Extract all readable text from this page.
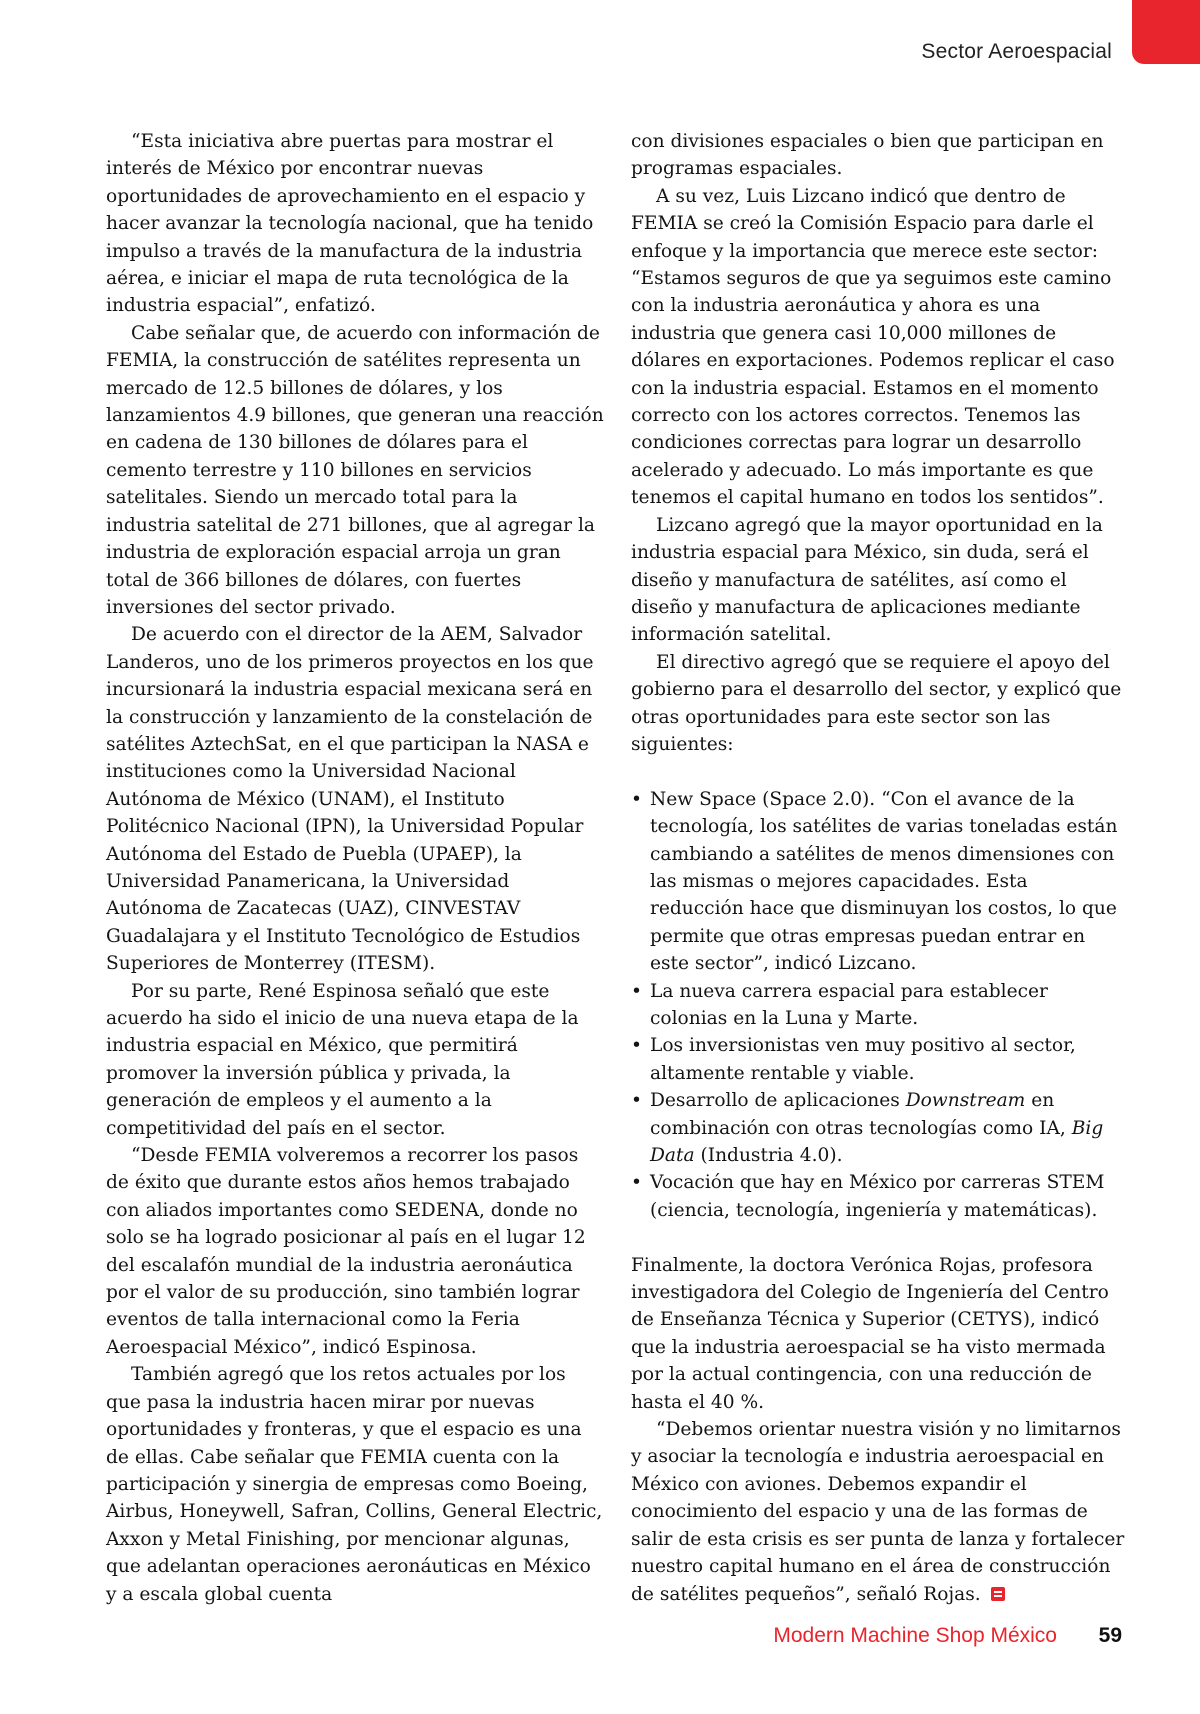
Sector Aeroespacial

“Esta iniciativa abre puertas para mostrar el interés de México por encontrar nuevas oportunidades de aprovechamiento en el espacio y hacer avanzar la tecnología nacional, que ha tenido impulso a través de la manufactura de la industria aérea, e iniciar el mapa de ruta tecnológica de la industria espacial”, enfatizó.

Cabe señalar que, de acuerdo con información de FEMIA, la construcción de satélites representa un mercado de 12.5 billones de dólares, y los lanzamientos 4.9 billones, que generan una reacción en cadena de 130 billones de dólares para el cemento terrestre y 110 billones en servicios satelitales. Siendo un mercado total para la industria satelital de 271 billones, que al agregar la industria de exploración espacial arroja un gran total de 366 billones de dólares, con fuertes inversiones del sector privado.

De acuerdo con el director de la AEM, Salvador Landeros, uno de los primeros proyectos en los que incursionará la industria espacial mexicana será en la construcción y lanzamiento de la constelación de satélites AztechSat, en el que participan la NASA e instituciones como la Universidad Nacional Autónoma de México (UNAM), el Instituto Politécnico Nacional (IPN), la Universidad Popular Autónoma del Estado de Puebla (UPAEP), la Universidad Panamericana, la Universidad Autónoma de Zacatecas (UAZ), CINVESTAV Guadalajara y el Instituto Tecnológico de Estudios Superiores de Monterrey (ITESM).

Por su parte, René Espinosa señaló que este acuerdo ha sido el inicio de una nueva etapa de la industria espacial en México, que permitirá promover la inversión pública y privada, la generación de empleos y el aumento a la competitividad del país en el sector.

“Desde FEMIA volveremos a recorrer los pasos de éxito que durante estos años hemos trabajado con aliados importantes como SEDENA, donde no solo se ha logrado posicionar al país en el lugar 12 del escalafón mundial de la industria aeronáutica por el valor de su producción, sino también lograr eventos de talla internacional como la Feria Aeroespacial México”, indicó Espinosa.

También agregó que los retos actuales por los que pasa la industria hacen mirar por nuevas oportunidades y fronteras, y que el espacio es una de ellas. Cabe señalar que FEMIA cuenta con la participación y sinergia de empresas como Boeing, Airbus, Honeywell, Safran, Collins, General Electric, Axxon y Metal Finishing, por mencionar algunas, que adelantan operaciones aeronáuticas en México y a escala global cuenta

con divisiones espaciales o bien que participan en programas espaciales.

A su vez, Luis Lizcano indicó que dentro de FEMIA se creó la Comisión Espacio para darle el enfoque y la importancia que merece este sector: “Estamos seguros de que ya seguimos este camino con la industria aeronáutica y ahora es una industria que genera casi 10,000 millones de dólares en exportaciones. Podemos replicar el caso con la industria espacial. Estamos en el momento correcto con los actores correctos. Tenemos las condiciones correctas para lograr un desarrollo acelerado y adecuado. Lo más importante es que tenemos el capital humano en todos los sentidos”.

Lizcano agregó que la mayor oportunidad en la industria espacial para México, sin duda, será el diseño y manufactura de satélites, así como el diseño y manufactura de aplicaciones mediante información satelital.

El directivo agregó que se requiere el apoyo del gobierno para el desarrollo del sector, y explicó que otras oportunidades para este sector son las siguientes:

• New Space (Space 2.0). “Con el avance de la tecnología, los satélites de varias toneladas están cambiando a satélites de menos dimensiones con las mismas o mejores capacidades. Esta reducción hace que disminuyan los costos, lo que permite que otras empresas puedan entrar en este sector”, indicó Lizcano.
• La nueva carrera espacial para establecer colonias en la Luna y Marte.
• Los inversionistas ven muy positivo al sector, altamente rentable y viable.
• Desarrollo de aplicaciones Downstream en combinación con otras tecnologías como IA, Big Data (Industria 4.0).
• Vocación que hay en México por carreras STEM (ciencia, tecnología, ingeniería y matemáticas).

Finalmente, la doctora Verónica Rojas, profesora investigadora del Colegio de Ingeniería del Centro de Enseñanza Técnica y Superior (CETYS), indicó que la industria aeroespacial se ha visto mermada por la actual contingencia, con una reducción de hasta el 40 %.

“Debemos orientar nuestra visión y no limitarnos y asociar la tecnología e industria aeroespacial en México con aviones. Debemos expandir el conocimiento del espacio y una de las formas de salir de esta crisis es ser punta de lanza y fortalecer nuestro capital humano en el área de construcción de satélites pequeños”, señaló Rojas.

Modern Machine Shop México 59
